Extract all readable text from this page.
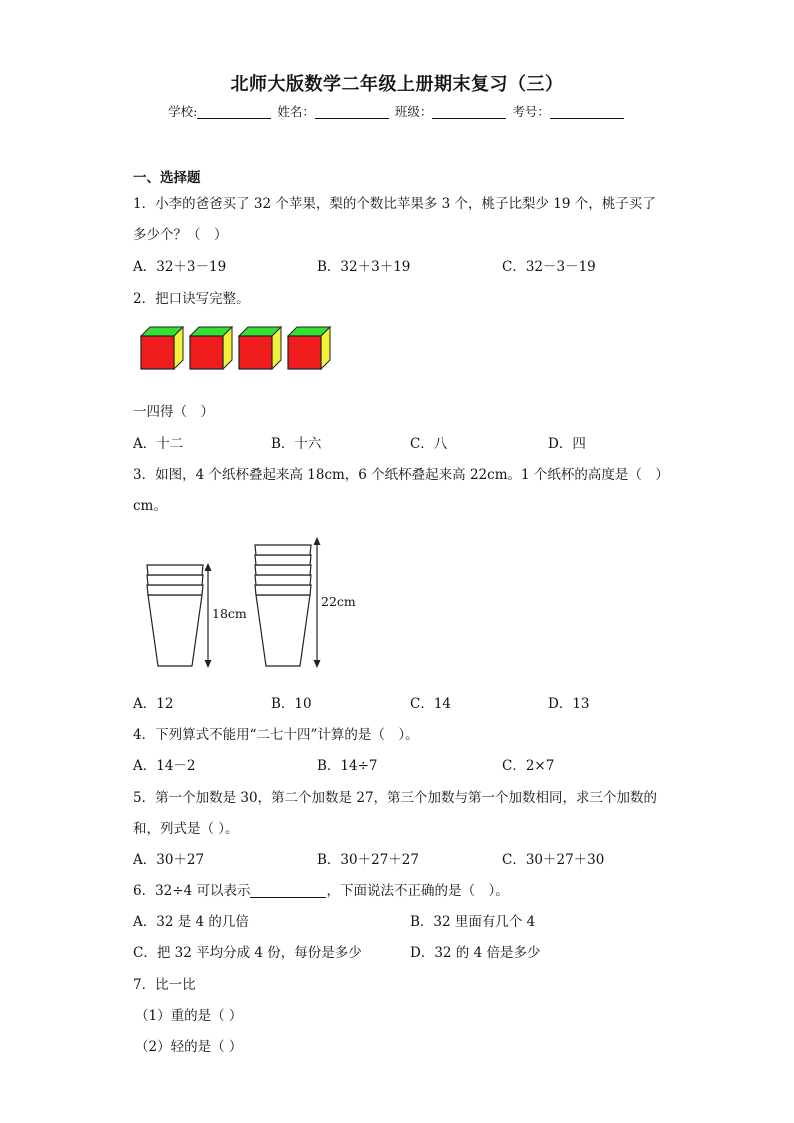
北师大版数学二年级上册期末复习（三）
学校:	姓名：	班级：	考号：
一、选择题
1．小李的爸爸买了 32 个苹果，梨的个数比苹果多 3 个，桃子比梨少 19 个，桃子买了
多少个？（　）
A．32＋3－19	B．32＋3＋19	C．32－3－19
2．把口诀写完整。
一四得（　）
A．十二	B．十六	C．八	D．四
3．如图，4 个纸杯叠起来高 18cm，6 个纸杯叠起来高 22cm。1 个纸杯的高度是（　）
cm。
18cm
22cm
A．12	B．10	C．14	D．13
4．下列算式不能用“二七十四”计算的是（　）。
A．14－2	B．14÷7	C．2×7
5．第一个加数是 30，第二个加数是 27，第三个加数与第一个加数相同，求三个加数的
和，列式是（ ）。
A．30＋27	B．30＋27＋27	C．30＋27＋30
6．32÷4 可以表示	，下面说法不正确的是（　）。
A．32 是 4 的几倍	B．32 里面有几个 4
C．把 32 平均分成 4 份，每份是多少	D．32 的 4 倍是多少
7．比一比
（1）重的是（ ）
（2）轻的是（ ）
